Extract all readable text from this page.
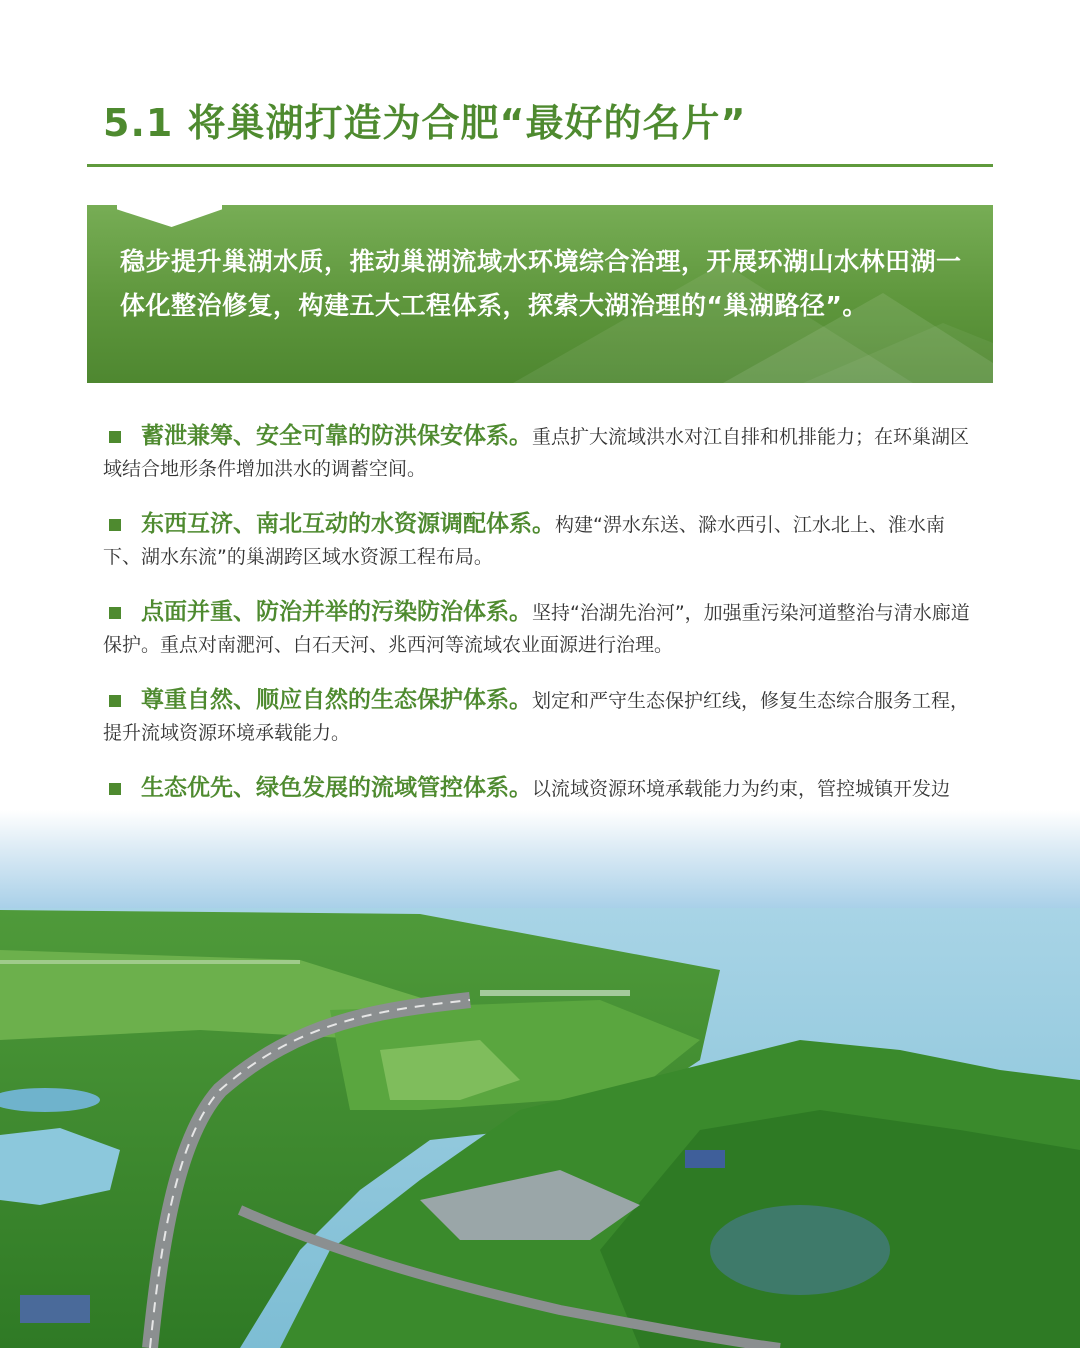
5.1 将巢湖打造为合肥“最好的名片”

稳步提升巢湖水质，推动巢湖流域水环境综合治理，开展环湖山水林田湖一体化整治修复，构建五大工程体系，探索大湖治理的“巢湖路径”。

蓄泄兼筹、安全可靠的防洪保安体系。重点扩大流域洪水对江自排和机排能力；在环巢湖区域结合地形条件增加洪水的调蓄空间。
东西互济、南北互动的水资源调配体系。构建“淠水东送、滁水西引、江水北上、淮水南下、湖水东流”的巢湖跨区域水资源工程布局。
点面并重、防治并举的污染防治体系。坚持“治湖先治河”，加强重污染河道整治与清水廊道保护。重点对南淝河、白石天河、兆西河等流域农业面源进行治理。
尊重自然、顺应自然的生态保护体系。划定和严守生态保护红线，修复生态综合服务工程，提升流域资源环境承载能力。
生态优先、绿色发展的流域管控体系。以流域资源环境承载能力为约束，管控城镇开发边
